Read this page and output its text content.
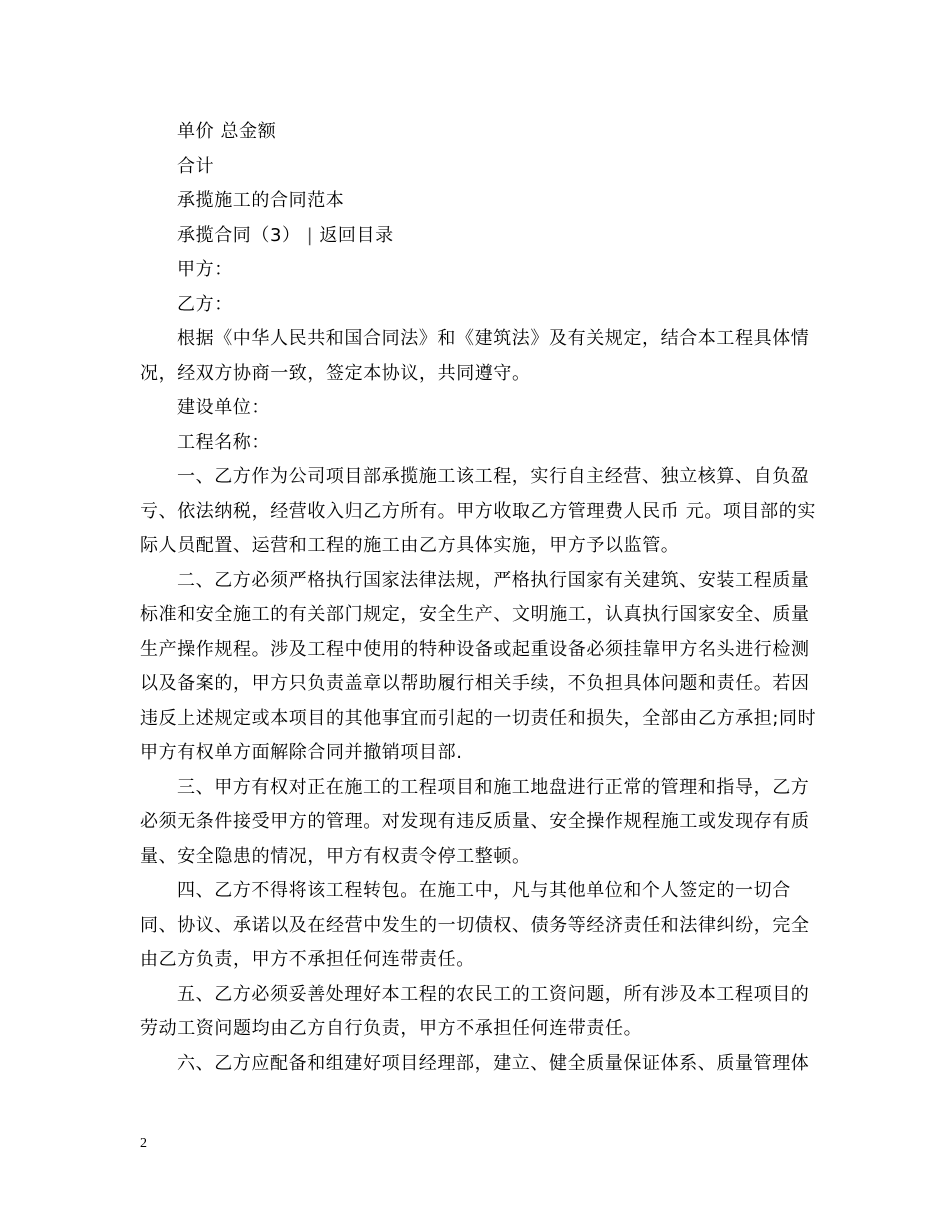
单价 总金额

合计

承揽施工的合同范本

承揽合同（3） | 返回目录

甲方：

乙方：

根据《中华人民共和国合同法》和《建筑法》及有关规定，结合本工程具体情况，经双方协商一致，签定本协议，共同遵守。

建设单位：

工程名称：

一、乙方作为公司项目部承揽施工该工程，实行自主经营、独立核算、自负盈亏、依法纳税，经营收入归乙方所有。甲方收取乙方管理费人民币 元。项目部的实际人员配置、运营和工程的施工由乙方具体实施，甲方予以监管。

二、乙方必须严格执行国家法律法规，严格执行国家有关建筑、安装工程质量标准和安全施工的有关部门规定，安全生产、文明施工，认真执行国家安全、质量生产操作规程。涉及工程中使用的特种设备或起重设备必须挂靠甲方名头进行检测以及备案的，甲方只负责盖章以帮助履行相关手续，不负担具体问题和责任。若因违反上述规定或本项目的其他事宜而引起的一切责任和损失，全部由乙方承担;同时甲方有权单方面解除合同并撤销项目部.

三、甲方有权对正在施工的工程项目和施工地盘进行正常的管理和指导，乙方必须无条件接受甲方的管理。对发现有违反质量、安全操作规程施工或发现存有质量、安全隐患的情况，甲方有权责令停工整顿。

四、乙方不得将该工程转包。在施工中，凡与其他单位和个人签定的一切合同、协议、承诺以及在经营中发生的一切债权、债务等经济责任和法律纠纷，完全由乙方负责，甲方不承担任何连带责任。

五、乙方必须妥善处理好本工程的农民工的工资问题，所有涉及本工程项目的劳动工资问题均由乙方自行负责，甲方不承担任何连带责任。

六、乙方应配备和组建好项目经理部，建立、健全质量保证体系、质量管理体

2
